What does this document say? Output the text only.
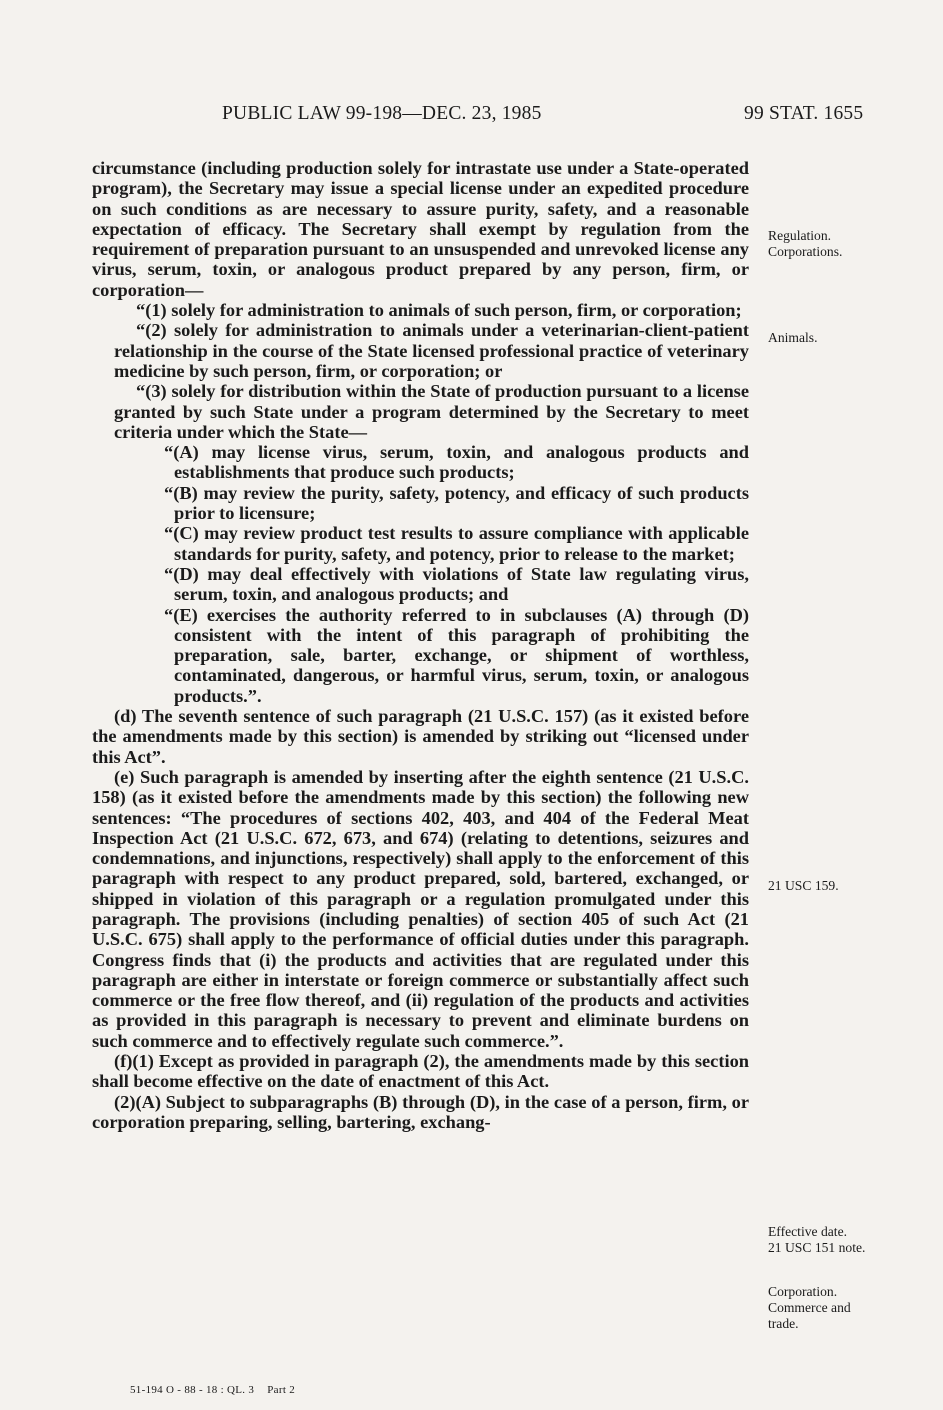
PUBLIC LAW 99-198—DEC. 23, 1985	99 STAT. 1655

circumstance (including production solely for intrastate use under a State-operated program), the Secretary may issue a special license under an expedited procedure on such conditions as are necessary to assure purity, safety, and a reasonable expectation of efficacy. The Secretary shall exempt by regulation from the requirement of preparation pursuant to an unsuspended and unrevoked license any virus, serum, toxin, or analogous product prepared by any person, firm, or corporation—

“(1) solely for administration to animals of such person, firm, or corporation;

“(2) solely for administration to animals under a veterinarian-client-patient relationship in the course of the State licensed professional practice of veterinary medicine by such person, firm, or corporation; or

“(3) solely for distribution within the State of production pursuant to a license granted by such State under a program determined by the Secretary to meet criteria under which the State—

“(A) may license virus, serum, toxin, and analogous products and establishments that produce such products;

“(B) may review the purity, safety, potency, and efficacy of such products prior to licensure;

“(C) may review product test results to assure compliance with applicable standards for purity, safety, and potency, prior to release to the market;

“(D) may deal effectively with violations of State law regulating virus, serum, toxin, and analogous products; and

“(E) exercises the authority referred to in subclauses (A) through (D) consistent with the intent of this paragraph of prohibiting the preparation, sale, barter, exchange, or shipment of worthless, contaminated, dangerous, or harmful virus, serum, toxin, or analogous products.”.

(d) The seventh sentence of such paragraph (21 U.S.C. 157) (as it existed before the amendments made by this section) is amended by striking out “licensed under this Act”.

(e) Such paragraph is amended by inserting after the eighth sentence (21 U.S.C. 158) (as it existed before the amendments made by this section) the following new sentences: “The procedures of sections 402, 403, and 404 of the Federal Meat Inspection Act (21 U.S.C. 672, 673, and 674) (relating to detentions, seizures and condemnations, and injunctions, respectively) shall apply to the enforcement of this paragraph with respect to any product prepared, sold, bartered, exchanged, or shipped in violation of this paragraph or a regulation promulgated under this paragraph. The provisions (including penalties) of section 405 of such Act (21 U.S.C. 675) shall apply to the performance of official duties under this paragraph. Congress finds that (i) the products and activities that are regulated under this paragraph are either in interstate or foreign commerce or substantially affect such commerce or the free flow thereof, and (ii) regulation of the products and activities as provided in this paragraph is necessary to prevent and eliminate burdens on such commerce and to effectively regulate such commerce.”.

(f)(1) Except as provided in paragraph (2), the amendments made by this section shall become effective on the date of enactment of this Act.

(2)(A) Subject to subparagraphs (B) through (D), in the case of a person, firm, or corporation preparing, selling, bartering, exchang-

Regulation.
Corporations.
Animals.
21 USC 159.
Effective date.
21 USC 151 note.
Corporation.
Commerce and
trade.
51-194 O - 88 - 18 : QL. 3 Part 2
